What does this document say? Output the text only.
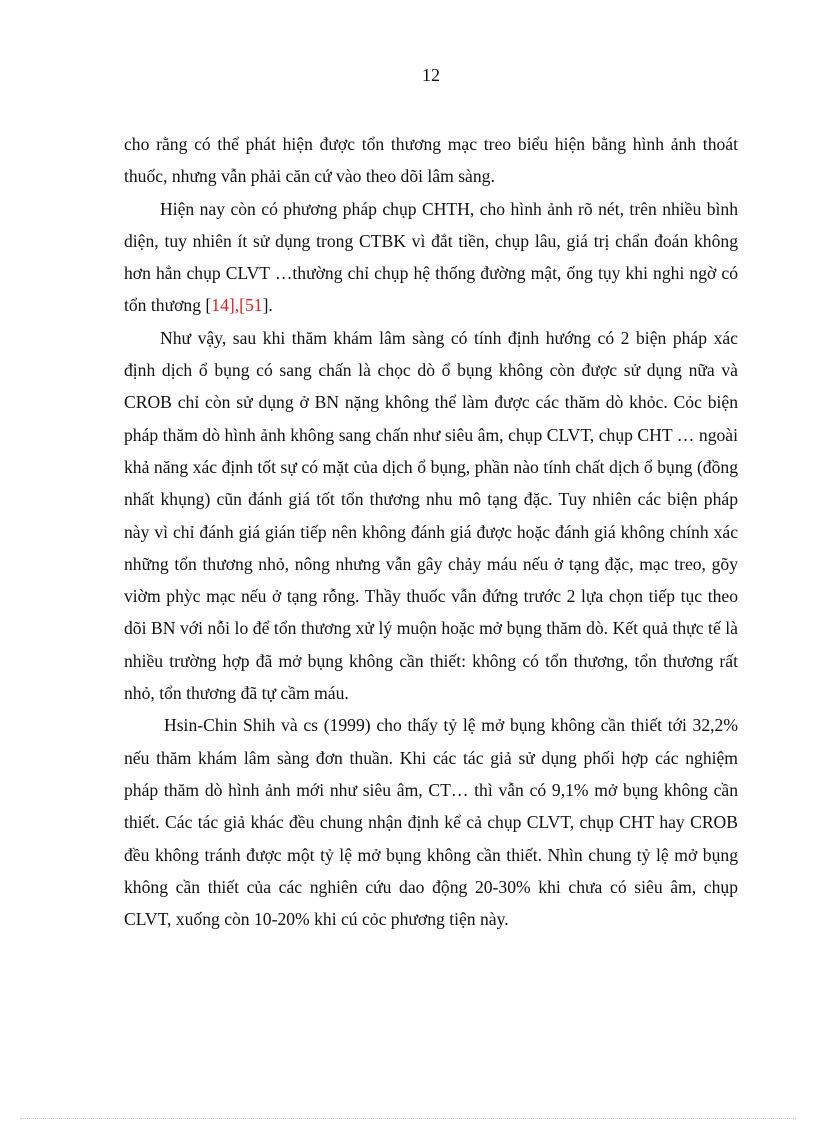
12

cho rằng có thể phát hiện được tổn thương mạc treo biểu hiện bằng hình ảnh thoát thuốc, nhưng vẫn phải căn cứ vào theo dõi lâm sàng.

Hiện nay còn có phương pháp chụp CHTH, cho hình ảnh rõ nét, trên nhiều bình diện, tuy nhiên ít sử dụng trong CTBK vì đắt tiền, chụp lâu, giá trị chẩn đoán không hơn hẳn chụp CLVT …thường chỉ chụp hệ thống đường mật, ống tụy khi nghi ngờ có tổn thương [14],[51].

Như vậy, sau khi thăm khám lâm sàng có tính định hướng có 2 biện pháp xác định dịch ổ bụng có sang chấn là chọc dò ổ bụng không còn được sử dụng nữa và CROB chỉ còn sử dụng ở BN nặng không thể làm được các thăm dò khỏc. Cỏc biện pháp thăm dò hình ảnh không sang chấn như siêu âm, chụp CLVT, chụp CHT … ngoài khả năng xác định tốt sự có mặt của dịch ổ bụng, phần nào tính chất dịch ổ bụng (đồng nhất khụng) cũn đánh giá tốt tổn thương nhu mô tạng đặc. Tuy nhiên các biện pháp này vì chỉ đánh giá gián tiếp nên không đánh giá được hoặc đánh giá không chính xác những tổn thương nhỏ, nông nhưng vẫn gây chảy máu nếu ở tạng đặc, mạc treo, gõy viờm phỳc mạc nếu ở tạng rỗng. Thầy thuốc vẫn đứng trước 2 lựa chọn tiếp tục theo dõi BN với nỗi lo để tổn thương xử lý muộn hoặc mở bụng thăm dò. Kết quả thực tế là nhiều trường hợp đã mở bụng không cần thiết: không có tổn thương, tổn thương rất nhỏ, tổn thương đã tự cầm máu.

Hsin-Chin Shih và cs (1999) cho thấy tỷ lệ mở bụng không cần thiết tới 32,2% nếu thăm khám lâm sàng đơn thuần. Khi các tác giả sử dụng phối hợp các nghiệm pháp thăm dò hình ảnh mới như siêu âm, CT… thì vẫn có 9,1% mở bụng không cần thiết. Các tác giả khác đều chung nhận định kể cả chụp CLVT, chụp CHT hay CROB đều không tránh được một tỷ lệ mở bụng không cần thiết. Nhìn chung tỷ lệ mở bụng không cần thiết của các nghiên cứu dao động 20-30% khi chưa có siêu âm, chụp CLVT, xuống còn 10-20% khi cú cỏc phương tiện này.
